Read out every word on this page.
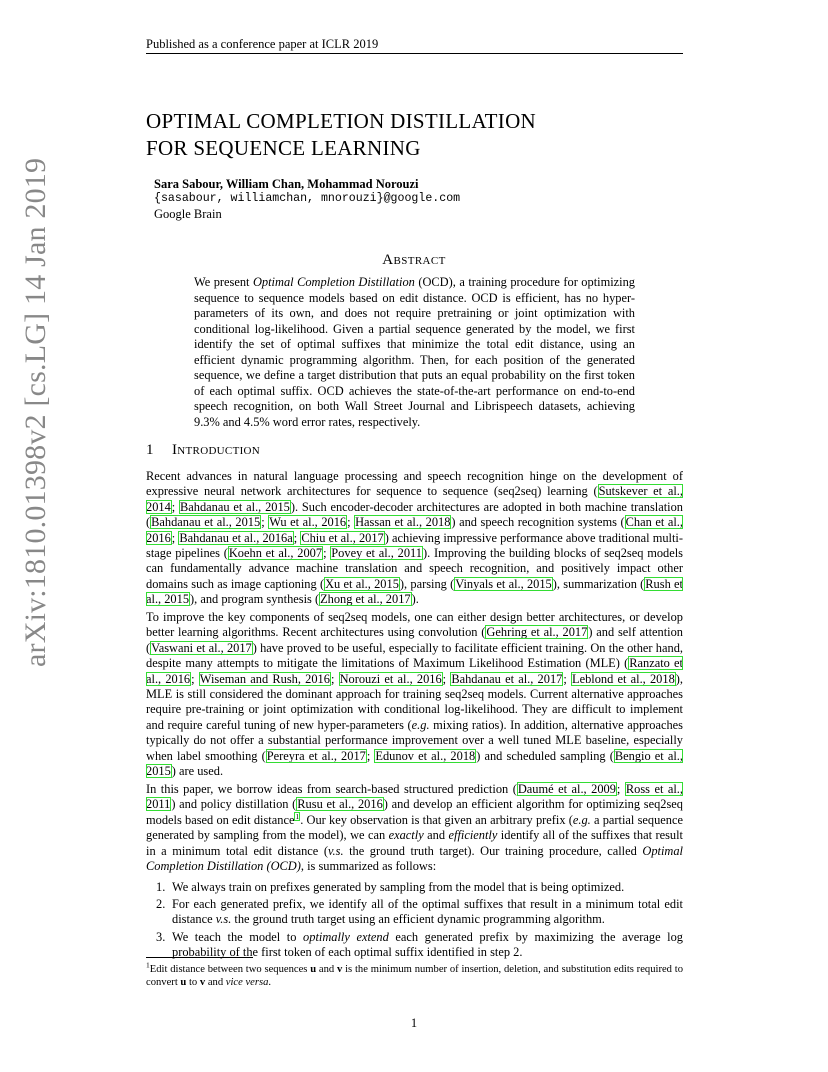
Published as a conference paper at ICLR 2019
arXiv:1810.01398v2 [cs.LG] 14 Jan 2019
OPTIMAL COMPLETION DISTILLATION
FOR SEQUENCE LEARNING
Sara Sabour, William Chan, Mohammad Norouzi
{sasabour, williamchan, mnorouzi}@google.com
Google Brain
Abstract
We present Optimal Completion Distillation (OCD), a training procedure for optimizing sequence to sequence models based on edit distance. OCD is efficient, has no hyper-parameters of its own, and does not require pretraining or joint optimization with conditional log-likelihood. Given a partial sequence generated by the model, we first identify the set of optimal suffixes that minimize the total edit distance, using an efficient dynamic programming algorithm. Then, for each position of the generated sequence, we define a target distribution that puts an equal probability on the first token of each optimal suffix. OCD achieves the state-of-the-art performance on end-to-end speech recognition, on both Wall Street Journal and Librispeech datasets, achieving 9.3% and 4.5% word error rates, respectively.
1 Introduction
Recent advances in natural language processing and speech recognition hinge on the development of expressive neural network architectures for sequence to sequence (seq2seq) learning (Sutskever et al., 2014; Bahdanau et al., 2015). Such encoder-decoder architectures are adopted in both machine translation (Bahdanau et al., 2015; Wu et al., 2016; Hassan et al., 2018) and speech recognition systems (Chan et al., 2016; Bahdanau et al., 2016a; Chiu et al., 2017) achieving impressive performance above traditional multi-stage pipelines (Koehn et al., 2007; Povey et al., 2011). Improving the building blocks of seq2seq models can fundamentally advance machine translation and speech recognition, and positively impact other domains such as image captioning (Xu et al., 2015), parsing (Vinyals et al., 2015), summarization (Rush et al., 2015), and program synthesis (Zhong et al., 2017).
To improve the key components of seq2seq models, one can either design better architectures, or develop better learning algorithms. Recent architectures using convolution (Gehring et al., 2017) and self attention (Vaswani et al., 2017) have proved to be useful, especially to facilitate efficient training. On the other hand, despite many attempts to mitigate the limitations of Maximum Likelihood Estimation (MLE) (Ranzato et al., 2016; Wiseman and Rush, 2016; Norouzi et al., 2016; Bahdanau et al., 2017; Leblond et al., 2018), MLE is still considered the dominant approach for training seq2seq models. Current alternative approaches require pre-training or joint optimization with conditional log-likelihood. They are difficult to implement and require careful tuning of new hyper-parameters (e.g. mixing ratios). In addition, alternative approaches typically do not offer a substantial performance improvement over a well tuned MLE baseline, especially when label smoothing (Pereyra et al., 2017; Edunov et al., 2018) and scheduled sampling (Bengio et al., 2015) are used.
In this paper, we borrow ideas from search-based structured prediction (Daumé et al., 2009; Ross et al., 2011) and policy distillation (Rusu et al., 2016) and develop an efficient algorithm for optimizing seq2seq models based on edit distance$^1$. Our key observation is that given an arbitrary prefix (e.g. a partial sequence generated by sampling from the model), we can exactly and efficiently identify all of the suffixes that result in a minimum total edit distance (v.s. the ground truth target). Our training procedure, called Optimal Completion Distillation (OCD), is summarized as follows:
1. We always train on prefixes generated by sampling from the model that is being optimized.
2. For each generated prefix, we identify all of the optimal suffixes that result in a minimum total edit distance v.s. the ground truth target using an efficient dynamic programming algorithm.
3. We teach the model to optimally extend each generated prefix by maximizing the average log probability of the first token of each optimal suffix identified in step 2.
$^1$Edit distance between two sequences u and v is the minimum number of insertion, deletion, and substitution edits required to convert u to v and vice versa.
1
